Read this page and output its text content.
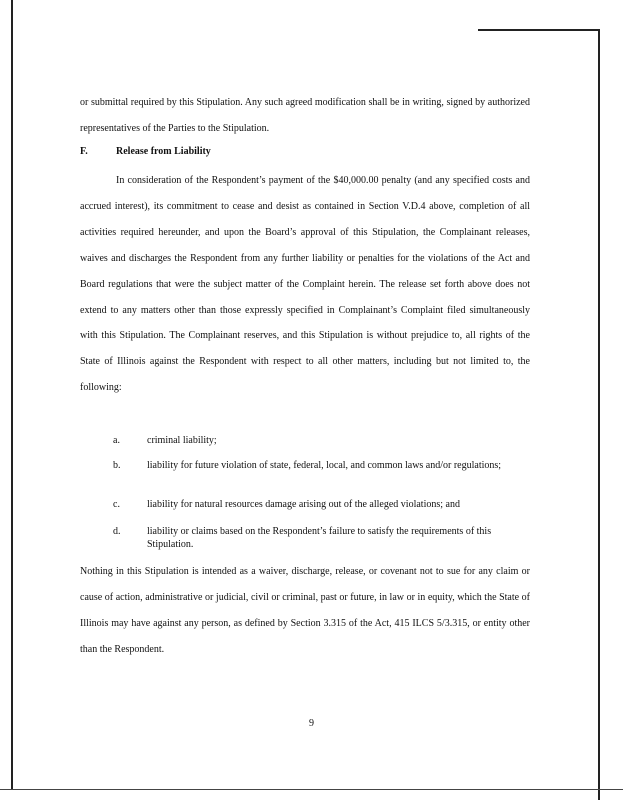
or submittal required by this Stipulation. Any such agreed modification shall be in writing, signed by authorized representatives of the Parties to the Stipulation.

F.	Release from Liability

In consideration of the Respondent’s payment of the $40,000.00 penalty (and any specified costs and accrued interest), its commitment to cease and desist as contained in Section V.D.4 above, completion of all activities required hereunder, and upon the Board’s approval of this Stipulation, the Complainant releases, waives and discharges the Respondent from any further liability or penalties for the violations of the Act and Board regulations that were the subject matter of the Complaint herein. The release set forth above does not extend to any matters other than those expressly specified in Complainant’s Complaint filed simultaneously with this Stipulation. The Complainant reserves, and this Stipulation is without prejudice to, all rights of the State of Illinois against the Respondent with respect to all other matters, including but not limited to, the following:

a.	criminal liability;
b.	liability for future violation of state, federal, local, and common laws and/or regulations;
c.	liability for natural resources damage arising out of the alleged violations; and
d.	liability or claims based on the Respondent’s failure to satisfy the requirements of this Stipulation.

Nothing in this Stipulation is intended as a waiver, discharge, release, or covenant not to sue for any claim or cause of action, administrative or judicial, civil or criminal, past or future, in law or in equity, which the State of Illinois may have against any person, as defined by Section 3.315 of the Act, 415 ILCS 5/3.315, or entity other than the Respondent.

9
